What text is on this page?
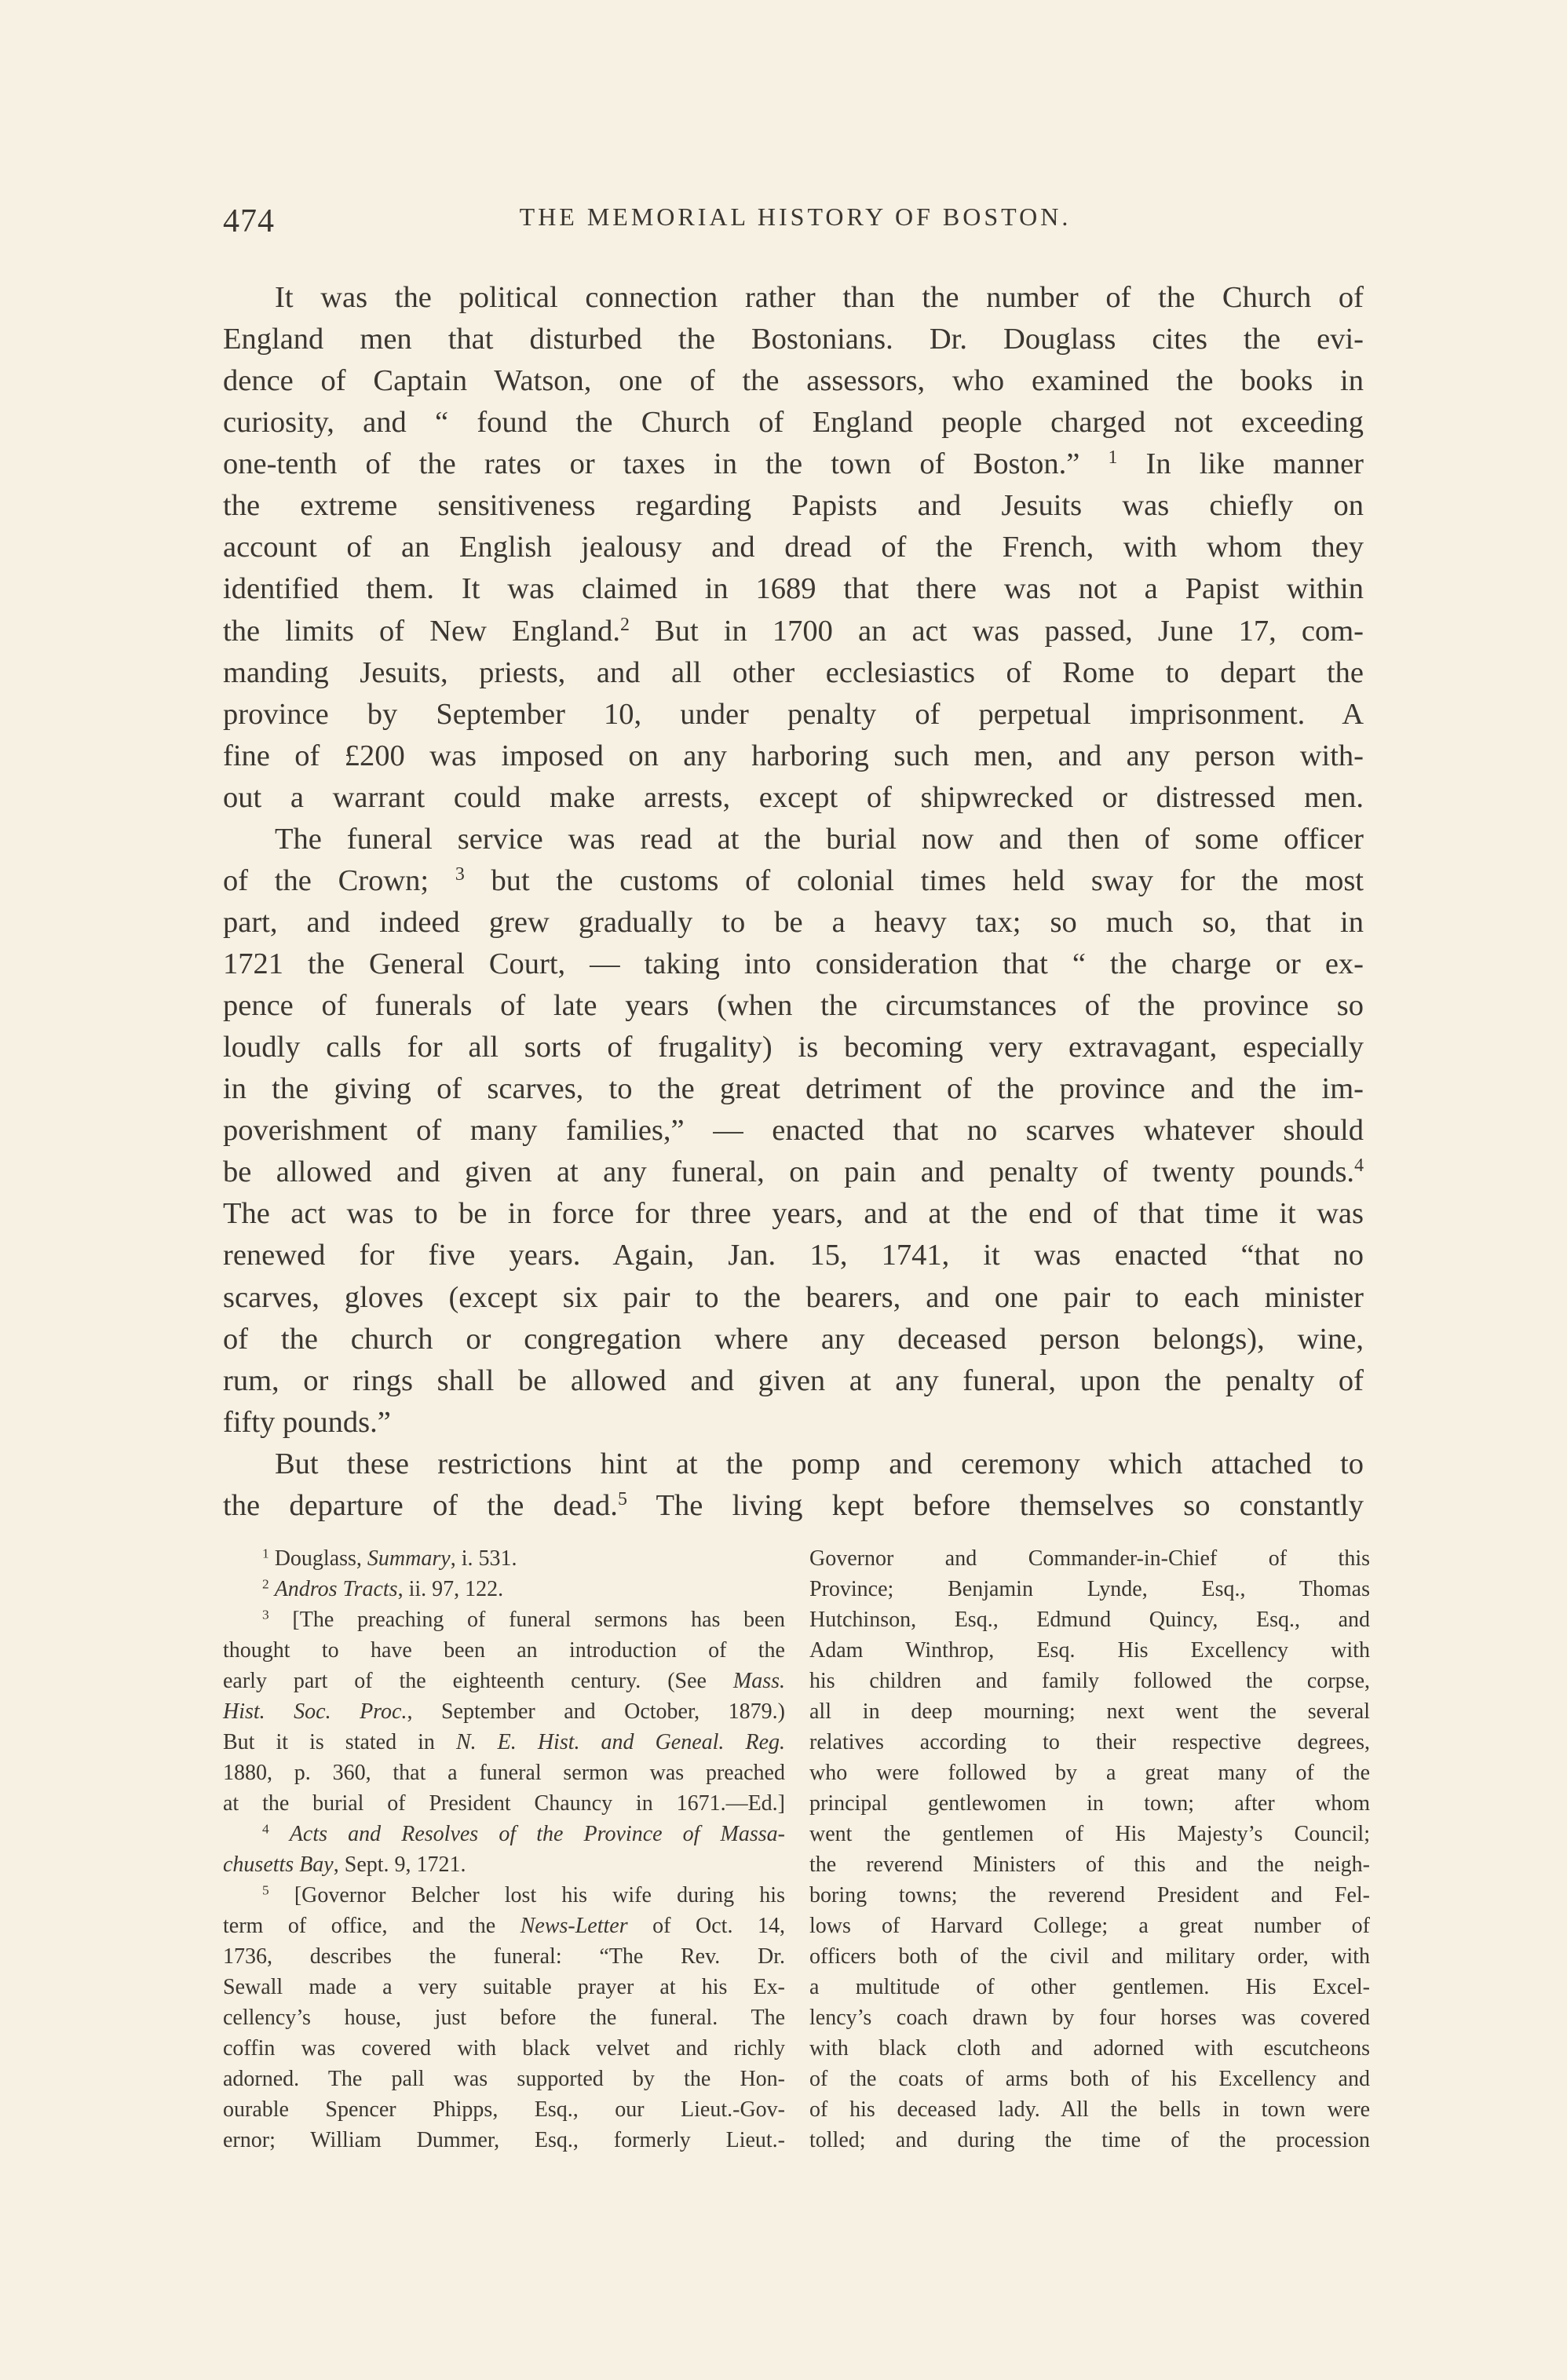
474	THE MEMORIAL HISTORY OF BOSTON.
It was the political connection rather than the number of the Church of
England men that disturbed the Bostonians. Dr. Douglass cites the evi-
dence of Captain Watson, one of the assessors, who examined the books in
curiosity, and “ found the Church of England people charged not exceeding
one-tenth of the rates or taxes in the town of Boston.” $^1$ In like manner
the extreme sensitiveness regarding Papists and Jesuits was chiefly on
account of an English jealousy and dread of the French, with whom they
identified them. It was claimed in 1689 that there was not a Papist within
the limits of New England.$^2$ But in 1700 an act was passed, June 17, com-
manding Jesuits, priests, and all other ecclesiastics of Rome to depart the
province by September 10, under penalty of perpetual imprisonment. A
fine of £200 was imposed on any harboring such men, and any person with-
out a warrant could make arrests, except of shipwrecked or distressed men.
The funeral service was read at the burial now and then of some officer
of the Crown; $^3$ but the customs of colonial times held sway for the most
part, and indeed grew gradually to be a heavy tax; so much so, that in
1721 the General Court, — taking into consideration that “ the charge or ex-
pence of funerals of late years (when the circumstances of the province so
loudly calls for all sorts of frugality) is becoming very extravagant, especially
in the giving of scarves, to the great detriment of the province and the im-
poverishment of many families,” — enacted that no scarves whatever should
be allowed and given at any funeral, on pain and penalty of twenty pounds.$^4$
The act was to be in force for three years, and at the end of that time it was
renewed for five years. Again, Jan. 15, 1741, it was enacted “that no
scarves, gloves (except six pair to the bearers, and one pair to each minister
of the church or congregation where any deceased person belongs), wine,
rum, or rings shall be allowed and given at any funeral, upon the penalty of
fifty pounds.”
But these restrictions hint at the pomp and ceremony which attached to
the departure of the dead.$^5$ The living kept before themselves so constantly
$^1$ Douglass, Summary, i. 531.
$^2$ Andros Tracts, ii. 97, 122.
$^3$ [The preaching of funeral sermons has been
thought to have been an introduction of the
early part of the eighteenth century. (See Mass.
Hist. Soc. Proc., September and October, 1879.)
But it is stated in N. E. Hist. and Geneal. Reg.
1880, p. 360, that a funeral sermon was preached
at the burial of President Chauncy in 1671.—Ed.]
$^4$ Acts and Resolves of the Province of Massa-
chusetts Bay, Sept. 9, 1721.
$^5$ [Governor Belcher lost his wife during his
term of office, and the News-Letter of Oct. 14,
1736, describes the funeral: “The Rev. Dr.
Sewall made a very suitable prayer at his Ex-
cellency’s house, just before the funeral. The
coffin was covered with black velvet and richly
adorned. The pall was supported by the Hon-
ourable Spencer Phipps, Esq., our Lieut.-Gov-
ernor; William Dummer, Esq., formerly Lieut.-
Governor and Commander-in-Chief of this
Province; Benjamin Lynde, Esq., Thomas
Hutchinson, Esq., Edmund Quincy, Esq., and
Adam Winthrop, Esq. His Excellency with
his children and family followed the corpse,
all in deep mourning; next went the several
relatives according to their respective degrees,
who were followed by a great many of the
principal gentlewomen in town; after whom
went the gentlemen of His Majesty’s Council;
the reverend Ministers of this and the neigh-
boring towns; the reverend President and Fel-
lows of Harvard College; a great number of
officers both of the civil and military order, with
a multitude of other gentlemen. His Excel-
lency’s coach drawn by four horses was covered
with black cloth and adorned with escutcheons
of the coats of arms both of his Excellency and
of his deceased lady. All the bells in town were
tolled; and during the time of the procession
